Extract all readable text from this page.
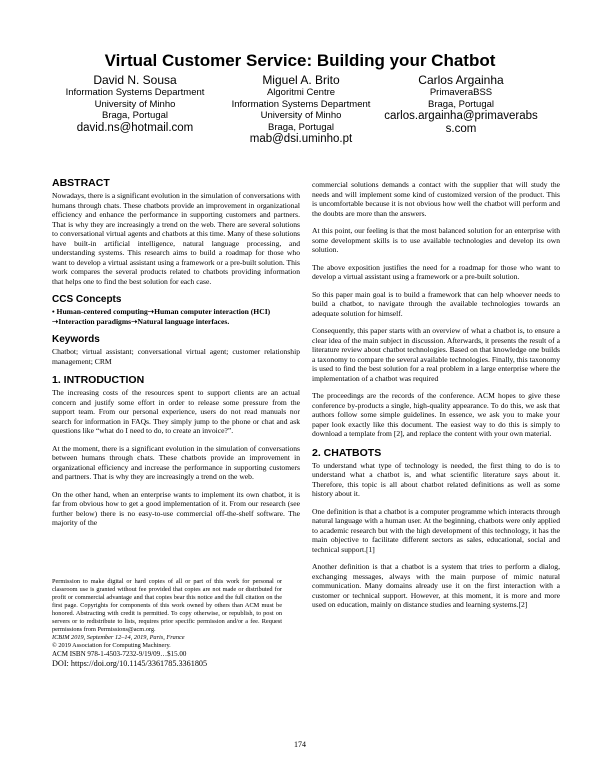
Virtual Customer Service: Building your Chatbot
David N. Sousa
Information Systems Department
University of Minho
Braga, Portugal
david.ns@hotmail.com
Miguel A. Brito
Algoritmi Centre
Information Systems Department
University of Minho
Braga, Portugal
mab@dsi.uminho.pt
Carlos Argainha
PrimaveraBSS
Braga, Portugal
carlos.argainha@primaverabss.com
ABSTRACT

Nowadays, there is a significant evolution in the simulation of conversations with humans through chats. These chatbots provide an improvement in organizational efficiency and enhance the performance in supporting customers and partners. That is why they are increasingly a trend on the web. There are several solutions to conversational virtual agents and chatbots at this time. Many of these solutions have built-in artificial intelligence, natural language processing, and understanding systems. This research aims to build a roadmap for those who want to develop a virtual assistant using a framework or a pre-built solution. This work compares the several products related to chatbots providing information that helps one to find the best solution for each case.

CCS Concepts

• Human-centered computing➝Human computer interaction (HCI) ➝Interaction paradigms➝Natural language interfaces.

Keywords

Chatbot; virtual assistant; conversational virtual agent; customer relationship management; CRM

1. INTRODUCTION

The increasing costs of the resources spent to support clients are an actual concern and justify some effort in order to release some pressure from the support team. From our personal experience, users do not read manuals nor search for information in FAQs. They simply jump to the phone or chat and ask questions like “what do I need to do, to create an invoice?”.

At the moment, there is a significant evolution in the simulation of conversations between humans through chats. These chatbots provide an improvement in organizational efficiency and increase the performance in supporting customers and partners. That is why they are increasingly a trend on the web.

On the other hand, when an enterprise wants to implement its own chatbot, it is far from obvious how to get a good implementation of it. From our research (see further below) there is no easy-to-use commercial off-the-shelf software. The majority of the

Permission to make digital or hard copies of all or part of this work for personal or classroom use is granted without fee provided that copies are not made or distributed for profit or commercial advantage and that copies bear this notice and the full citation on the first page. Copyrights for components of this work owned by others than ACM must be honored. Abstracting with credit is permitted. To copy otherwise, or republish, to post on servers or to redistribute to lists, requires prior specific permission and/or a fee. Request permissions from Permissions@acm.org.
ICBIM 2019, September 12–14, 2019, Paris, France
© 2019 Association for Computing Machinery.
ACM ISBN 978-1-4503-7232-9/19/09…$15.00
DOI: https://doi.org/10.1145/3361785.3361805

commercial solutions demands a contact with the supplier that will study the needs and will implement some kind of customized version of the product. This is uncomfortable because it is not obvious how well the chatbot will perform and the doubts are more than the answers.

At this point, our feeling is that the most balanced solution for an enterprise with some development skills is to use available technologies and develop its own solution.

The above exposition justifies the need for a roadmap for those who want to develop a virtual assistant using a framework or a pre-built solution.

So this paper main goal is to build a framework that can help whoever needs to build a chatbot, to navigate through the available technologies towards an adequate solution for himself.

Consequently, this paper starts with an overview of what a chatbot is, to ensure a clear idea of the main subject in discussion. Afterwards, it presents the result of a literature review about chatbot technologies. Based on that knowledge one builds a taxonomy to compare the several available technologies. Finally, this taxonomy is used to find the best solution for a real problem in a large enterprise where the implementation of a chatbot was required

The proceedings are the records of the conference. ACM hopes to give these conference by-products a single, high-quality appearance. To do this, we ask that authors follow some simple guidelines. In essence, we ask you to make your paper look exactly like this document. The easiest way to do this is simply to download a template from [2], and replace the content with your own material.

2. CHATBOTS

To understand what type of technology is needed, the first thing to do is to understand what a chatbot is, and what scientific literature says about it. Therefore, this topic is all about chatbot related definitions as well as some history about it.

One definition is that a chatbot is a computer programme which interacts through natural language with a human user. At the beginning, chatbots were only applied to academic research but with the high development of this technology, it has the main objective to facilitate different sectors as sales, educational, social and technical support.[1]

Another definition is that a chatbot is a system that tries to perform a dialog, exchanging messages, always with the main purpose of mimic natural communication. Many domains already use it on the first interaction with a customer or technical support. However, at this moment, it is more and more used on education, mainly on distance studies and learning systems.[2]

174
